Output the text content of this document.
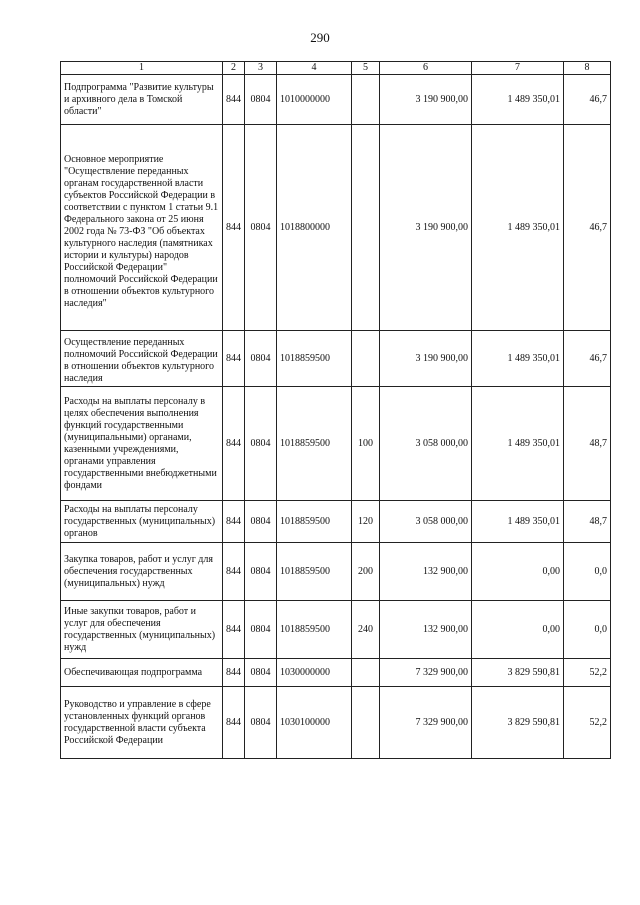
290
1	2	3	4	5	6	7	8
Подпрограмма "Развитие культуры и архивного дела в Томской области"	844	0804	1010000000		3 190 900,00	1 489 350,01	46,7
Основное мероприятие "Осуществление переданных органам государственной власти субъектов Российской Федерации в соответствии с пунктом 1 статьи 9.1 Федерального закона от 25 июня 2002 года № 73-ФЗ "Об объектах культурного наследия (памятниках истории и культуры) народов Российской Федерации" полномочий Российской Федерации в отношении объектов культурного наследия"	844	0804	1018800000		3 190 900,00	1 489 350,01	46,7
Осуществление переданных полномочий Российской Федерации в отношении объектов культурного наследия	844	0804	1018859500		3 190 900,00	1 489 350,01	46,7
Расходы на выплаты персоналу в целях обеспечения выполнения функций государственными (муниципальными) органами, казенными учреждениями, органами управления государственными внебюджетными фондами	844	0804	1018859500	100	3 058 000,00	1 489 350,01	48,7
Расходы на выплаты персоналу государственных (муниципальных) органов	844	0804	1018859500	120	3 058 000,00	1 489 350,01	48,7
Закупка товаров, работ и услуг для обеспечения государственных (муниципальных) нужд	844	0804	1018859500	200	132 900,00	0,00	0,0
Иные закупки товаров, работ и услуг для обеспечения государственных (муниципальных) нужд	844	0804	1018859500	240	132 900,00	0,00	0,0
Обеспечивающая подпрограмма	844	0804	1030000000		7 329 900,00	3 829 590,81	52,2
Руководство и управление в сфере установленных функций органов государственной власти субъекта Российской Федерации	844	0804	1030100000		7 329 900,00	3 829 590,81	52,2
